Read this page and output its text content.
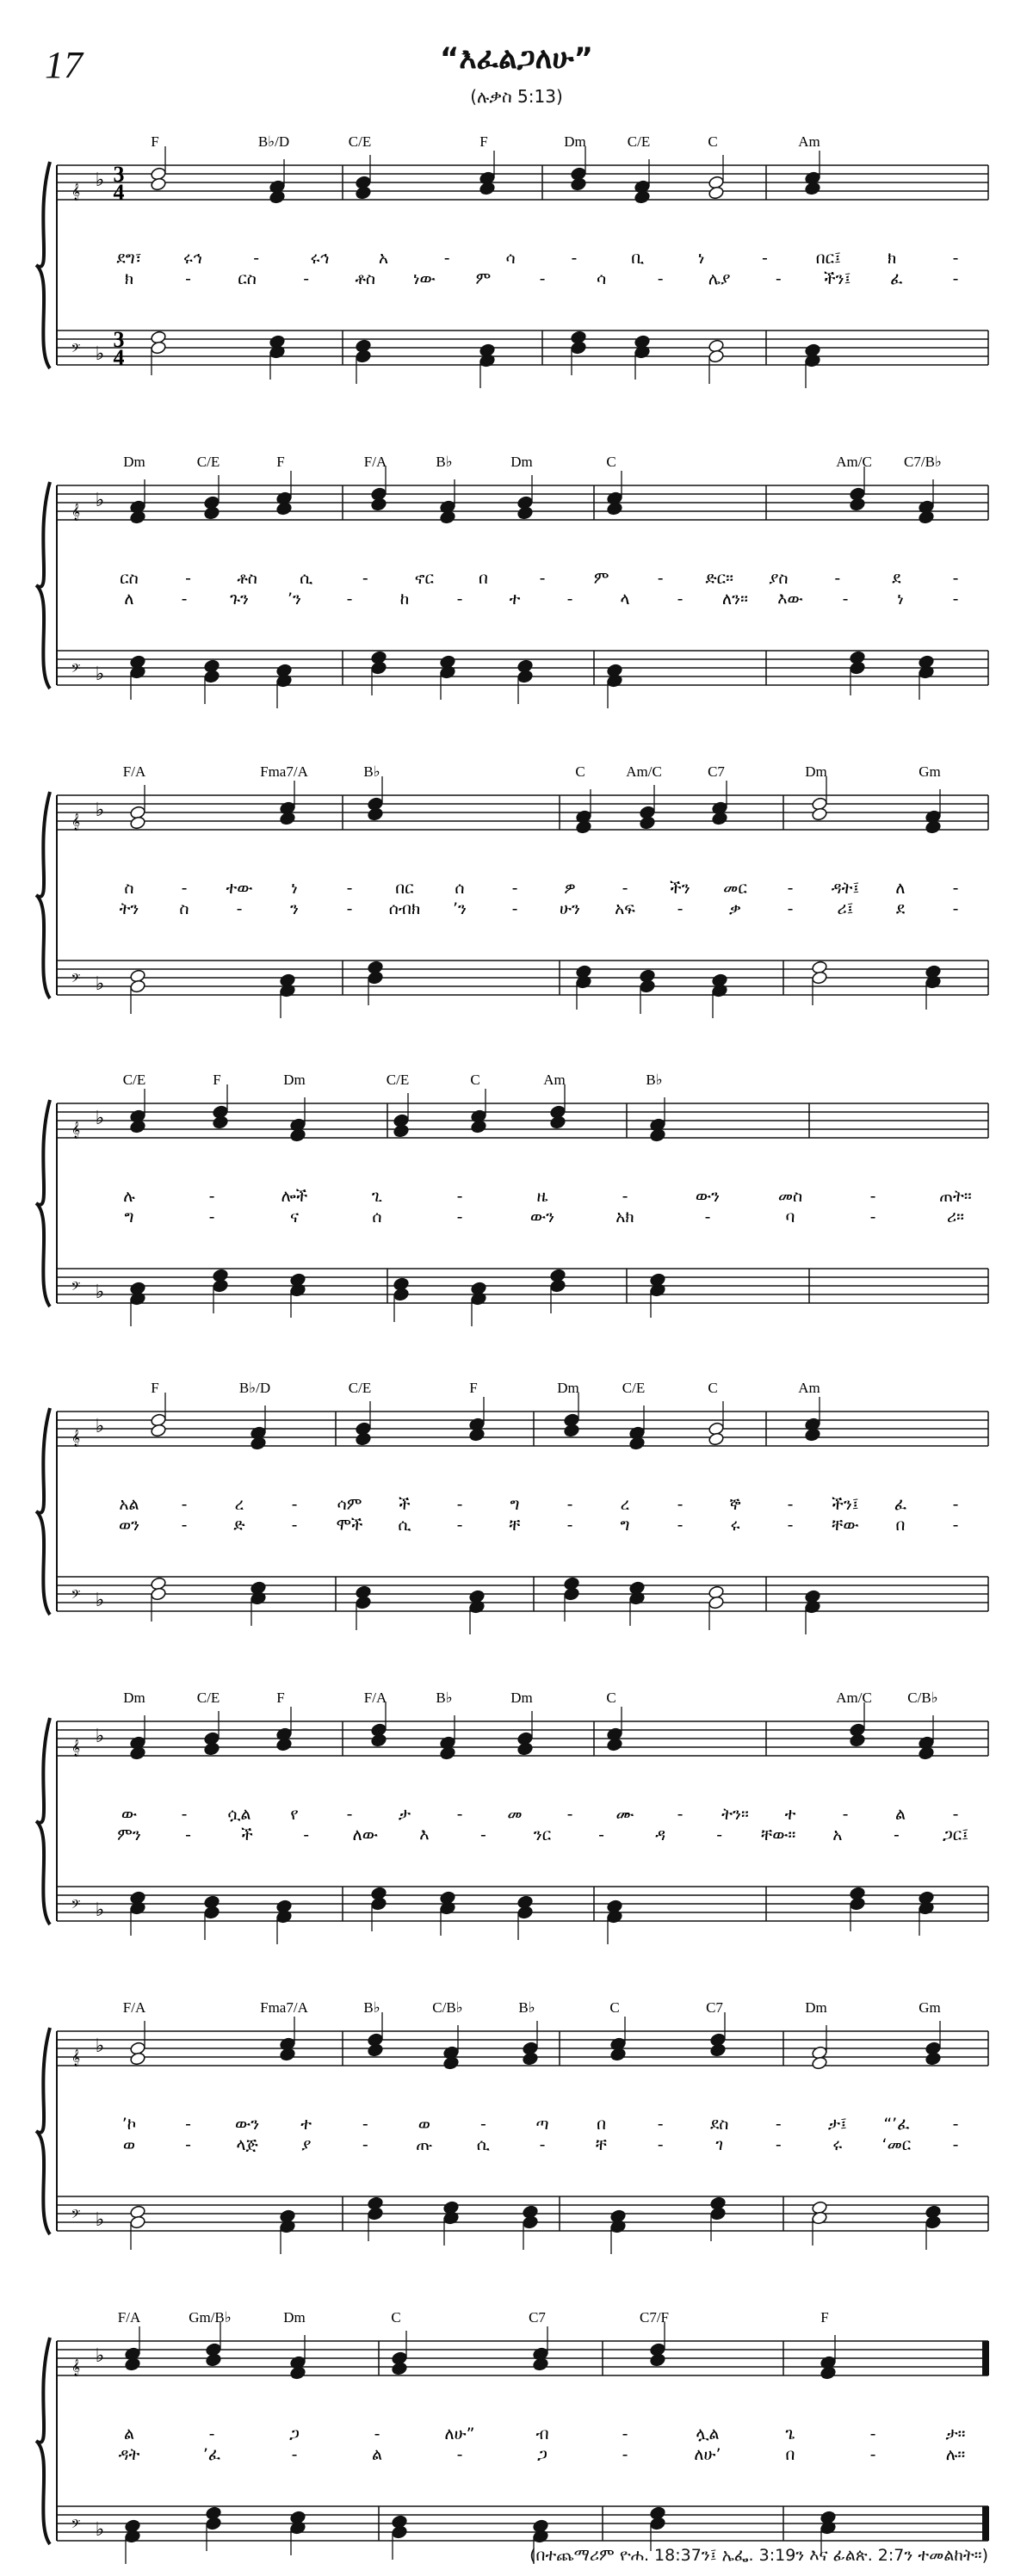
17	“እፈልጋለሁ”
(ሉቃስ 5:13)
F	B♭/D	C/E	F	Dm	C/E	C	Am
𝄞
𝄢
♭
♭
3
4
3
4
ደግ፣	ሩኅ	-	ሩኅ	አ	-	ሳ	-	ቢ	ነ	-	በር፤	ክ	-
ክ	-	ርስ	-	ቶስ ነው ም	-	ሳ	-	ሌያ	-	ችን፤ ፈ	-
Dm	C/E	F	F/A	B♭	Dm	C	Am/C C7/B♭
𝄞
𝄢
♭
♭
ርስ	-	ቶስ	ሲ	-	ኖር	በ	-	ም	-	ድር። ያስ	-	ደ	-
ለ	-	ጉን ’ን	-	ከ	-	ተ	-	ላ	- ለን። እው -	ነ	-
F/A	Fma7/A	B♭	C	Am/C	C7	Dm	Gm
𝄞
𝄢
♭
♭
ስ	- ተው ነ	-	በር	ሰ	-	ዎ	-	ችን መር - ዳት፤ ለ	-
ትን ስ	-	ን	- ሰብክ ’ን	-	ሁን አፍ	-	ቃ	-	ሪ፤	ደ	-
C/E	F	Dm	C/E	C	Am	B♭
𝄞
𝄢
♭
♭
ሉ	-	ሎች	ጊ	-	ዜ	-	ውን	መስ	-	ጠት።
ግ	-	ና	ሰ	-	ውን	አክ	-	ባ	-	ሪ።
F	B♭/D	C/E	F	Dm	C/E	C	Am
𝄞
𝄢
♭
♭
አል	-	ረ	- ሳም ች	-	ግ	-	ረ	-	ኞ	- ችን፤ ፈ	-
ወን	-	ድ	- ሞች ሲ	-	ቸ	-	ግ	-	ሩ	- ቸው በ	-
Dm	C/E	F	F/A	B♭	Dm	C	Am/C C/B♭
𝄞
𝄢
♭
♭
ው	- ሷል የ	-	ታ	-	መ	-	ሙ	- ትን። ተ	-	ል	-
ምን	-	ች	-	ለው	እ	-	ንር	-	ዳ	- ቸው። አ	-	ጋር፤
F/A	Fma7/A	B♭	C/B♭	B♭	C	C7	Dm	Gm
𝄞
𝄢
♭
♭
’ኮ	-	ውን	ተ	-	ወ	-	ጣ	በ	-	ደስ	-	ታ፤ “’ፈ	-
ወ	-	ላጅ	ያ	-	ጡ	ሲ	-	ቸ	-	ገ	-	ሩ ‘መር	-
F/A	Gm/B♭	Dm	C	C7	C7/F	F
𝄞
𝄢
♭
♭
ል	-	ጋ	-	ለሁ”	ብ	-	ሏል	ጌ	-	ታ።
ዳት	’ፈ	-	ል	-	ጋ	-	ለሁ’	በ	-	ሉ።
(በተጨማሪም ዮሐ. 18:37ን፤ ኤፌ. 3:19ን እና ፊልጵ. 2:7ን ተመልከት።)
